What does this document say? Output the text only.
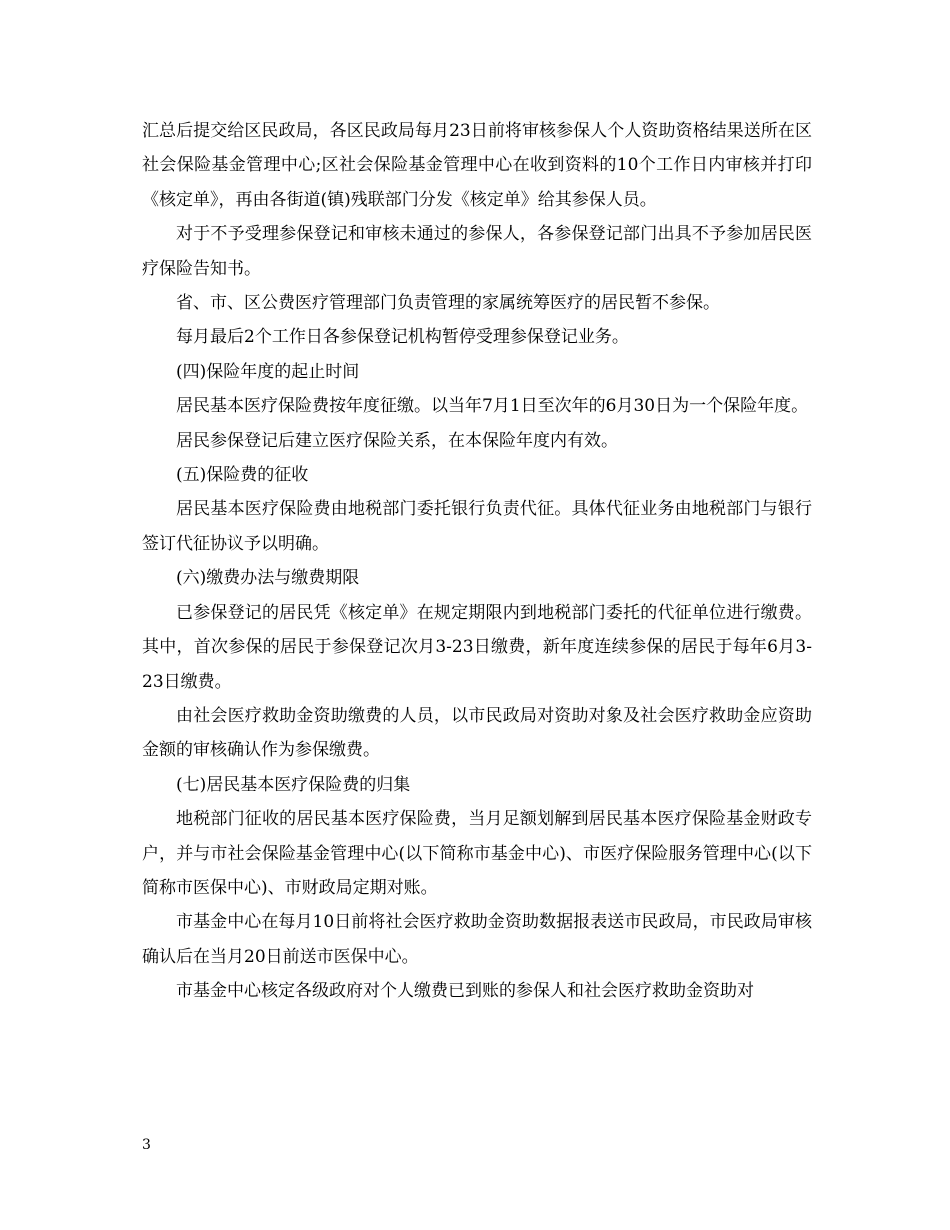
汇总后提交给区民政局，各区民政局每月23日前将审核参保人个人资助资格结果送所在区社会保险基金管理中心;区社会保险基金管理中心在收到资料的10个工作日内审核并打印《核定单》，再由各街道(镇)残联部门分发《核定单》给其参保人员。

对于不予受理参保登记和审核未通过的参保人，各参保登记部门出具不予参加居民医疗保险告知书。

省、市、区公费医疗管理部门负责管理的家属统筹医疗的居民暂不参保。

每月最后2个工作日各参保登记机构暂停受理参保登记业务。

(四)保险年度的起止时间

居民基本医疗保险费按年度征缴。以当年7月1日至次年的6月30日为一个保险年度。

居民参保登记后建立医疗保险关系，在本保险年度内有效。

(五)保险费的征收

居民基本医疗保险费由地税部门委托银行负责代征。具体代征业务由地税部门与银行签订代征协议予以明确。

(六)缴费办法与缴费期限

已参保登记的居民凭《核定单》在规定期限内到地税部门委托的代征单位进行缴费。其中，首次参保的居民于参保登记次月3-23日缴费，新年度连续参保的居民于每年6月3-23日缴费。

由社会医疗救助金资助缴费的人员，以市民政局对资助对象及社会医疗救助金应资助金额的审核确认作为参保缴费。

(七)居民基本医疗保险费的归集

地税部门征收的居民基本医疗保险费，当月足额划解到居民基本医疗保险基金财政专户，并与市社会保险基金管理中心(以下简称市基金中心)、市医疗保险服务管理中心(以下简称市医保中心)、市财政局定期对账。

市基金中心在每月10日前将社会医疗救助金资助数据报表送市民政局，市民政局审核确认后在当月20日前送市医保中心。

市基金中心核定各级政府对个人缴费已到账的参保人和社会医疗救助金资助对

3
